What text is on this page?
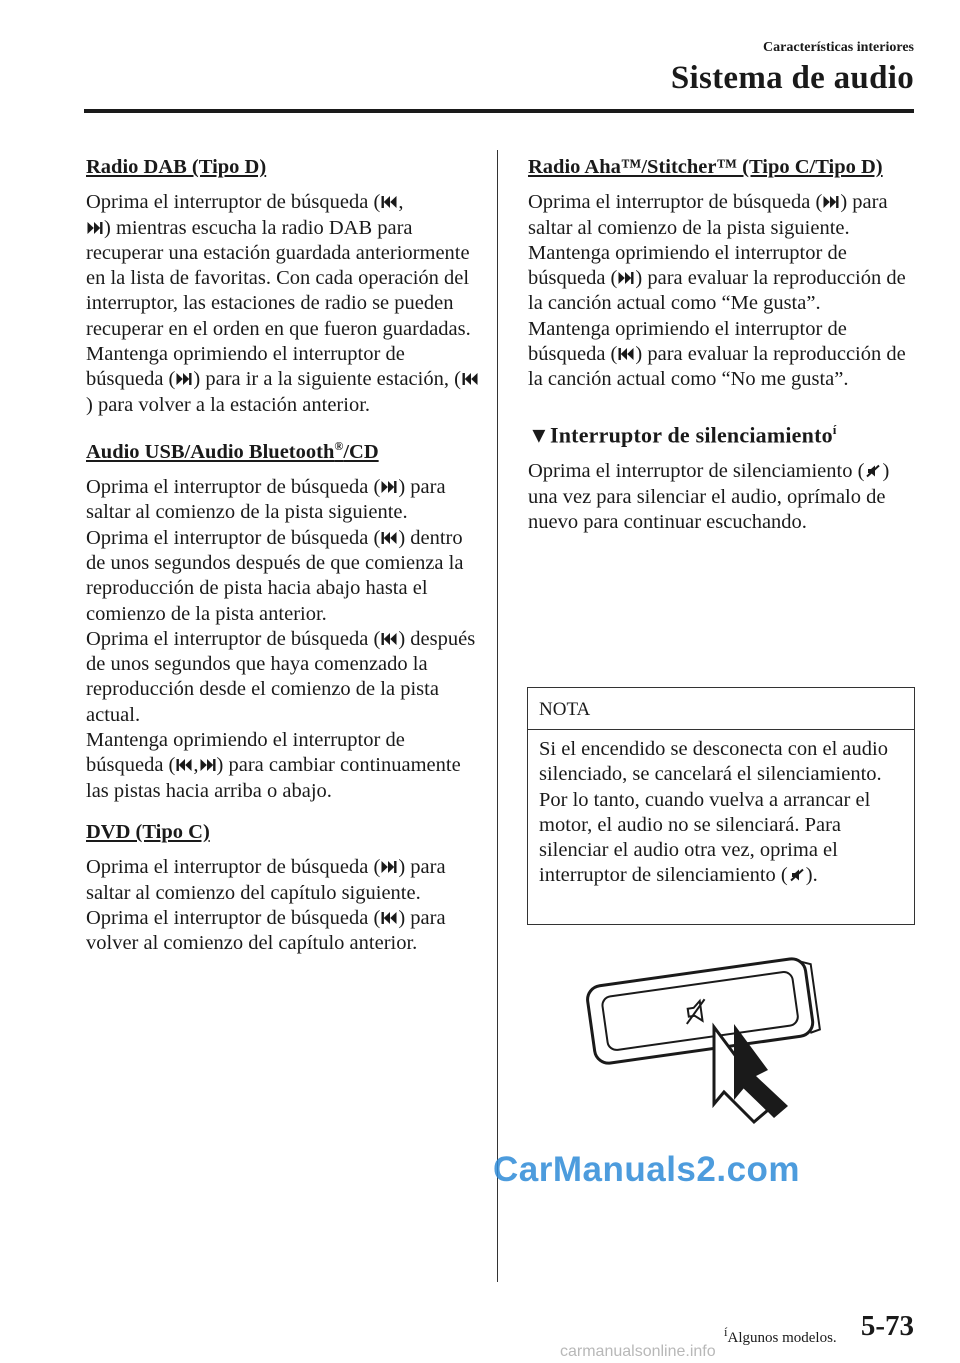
Características interiores
Sistema de audio
Radio DAB (Tipo D)

Oprima el interruptor de búsqueda ( ,
) mientras escucha la radio DAB para recuperar una estación guardada anteriormente en la lista de favoritas. Con cada operación del interruptor, las estaciones de radio se pueden recuperar en el orden en que fueron guardadas.

Mantenga oprimiendo el interruptor de búsqueda ( ) para ir a la siguiente estación, () para volver a la estación anterior.

Audio USB/Audio Bluetooth®/CD

Oprima el interruptor de búsqueda ( ) para saltar al comienzo de la pista siguiente.

Oprima el interruptor de búsqueda ( ) dentro de unos segundos después de que comienza la reproducción de pista hacia abajo hasta el comienzo de la pista anterior.

Oprima el interruptor de búsqueda ( ) después de unos segundos que haya comenzado la reproducción desde el comienzo de la pista actual.

Mantenga oprimiendo el interruptor de búsqueda ( , ) para cambiar continuamente las pistas hacia arriba o abajo.

DVD (Tipo C)

Oprima el interruptor de búsqueda ( ) para saltar al comienzo del capítulo siguiente.

Oprima el interruptor de búsqueda ( ) para volver al comienzo del capítulo anterior.

Radio Aha™/Stitcher™ (Tipo C/Tipo D)

Oprima el interruptor de búsqueda ( ) para saltar al comienzo de la pista siguiente.

Mantenga oprimiendo el interruptor de búsqueda ( ) para evaluar la reproducción de la canción actual como “Me gusta”.

Mantenga oprimiendo el interruptor de búsqueda ( ) para evaluar la reproducción de la canción actual como “No me gusta”.

▼Interruptor de silenciamiento$^í$

Oprima el interruptor de silenciamiento ( ) una vez para silenciar el audio, oprímalo de nuevo para continuar escuchando.

NOTA
Si el encendido se desconecta con el audio silenciado, se cancelará el silenciamiento. Por lo tanto, cuando vuelva a arrancar el motor, el audio no se silenciará. Para silenciar el audio otra vez, oprima el interruptor de silenciamiento ( ).
CarManuals2.com
$^í$Algunos modelos. 5-73
carmanualsonline.info
